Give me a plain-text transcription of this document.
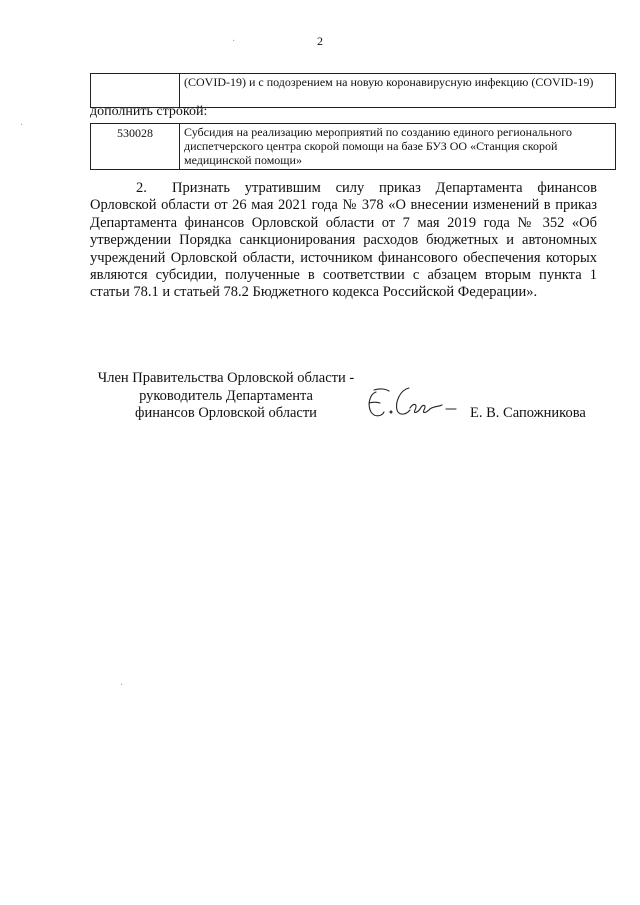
2
	(COVID-19) и с подозрением на новую коронавирусную инфекцию (COVID-19)
дополнить строкой:
530028	Субсидия на реализацию мероприятий по созданию единого регионального диспетчерского центра скорой помощи на базе БУЗ ОО «Станция скорой медицинской помощи»
2. Признать утратившим силу приказ Департамента финансов Орловской области от 26 мая 2021 года № 378 «О внесении изменений в приказ Департамента финансов Орловской области от 7 мая 2019 года № 352 «Об утверждении Порядка санкционирования расходов бюджетных и автономных учреждений Орловской области, источником финансового обеспечения которых являются субсидии, полученные в соответствии с абзацем вторым пункта 1 статьи 78.1 и статьей 78.2 Бюджетного кодекса Российской Федерации».
Член Правительства Орловской области -
руководитель Департамента
финансов Орловской области	Е. В. Сапожникова
·
·
·
